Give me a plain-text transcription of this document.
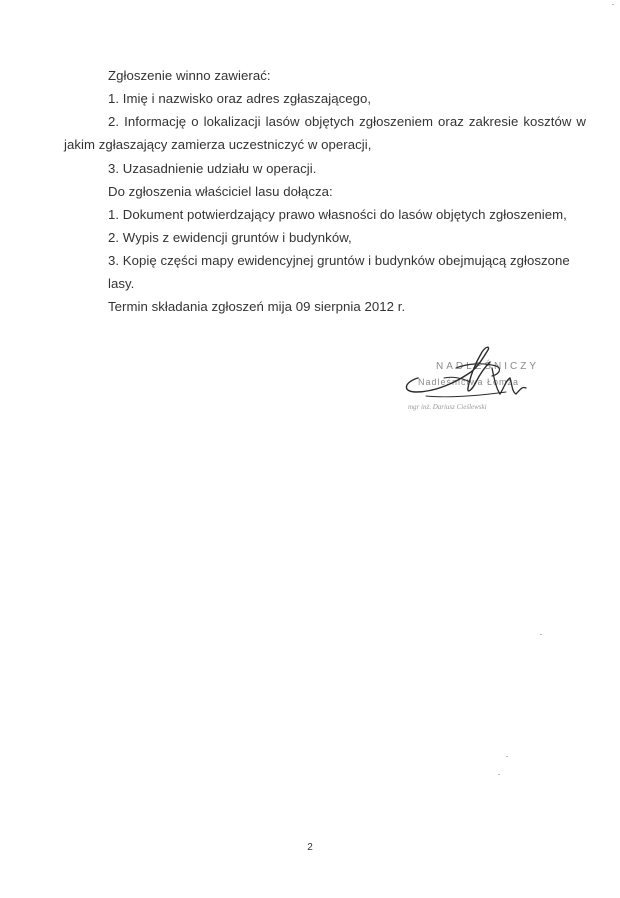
Zgłoszenie winno zawierać:
1. Imię i nazwisko oraz adres zgłaszającego,
2. Informację o lokalizacji lasów objętych zgłoszeniem oraz zakresie kosztów w
jakim zgłaszający zamierza uczestniczyć w operacji,
3. Uzasadnienie udziału w operacji.
Do zgłoszenia właściciel lasu dołącza:
1. Dokument potwierdzający prawo własności do lasów objętych zgłoszeniem,
2. Wypis z ewidencji gruntów i budynków,
3. Kopię części mapy ewidencyjnej gruntów i budynków obejmującą zgłoszone
lasy.
Termin składania zgłoszeń mija 09 sierpnia 2012 r.
NADLEŚNICZY
Nadleśnictwa Łomża
mgr inż. Dariusz Cieślewski
2
